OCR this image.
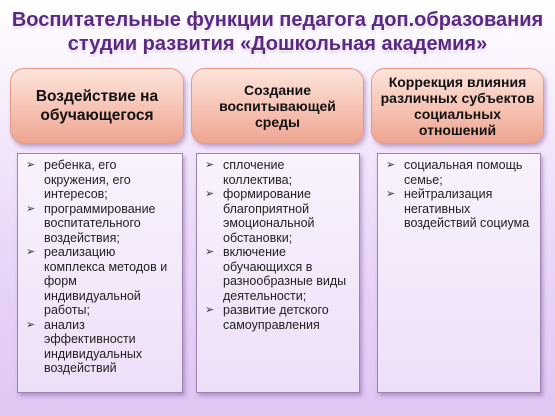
Воспитательные функции педагога доп.образования студии развития «Дошкольная академия»
Воздействие на обучающегося
Создание воспитывающей среды
Коррекция влияния различных субъектов социальных отношений
➢ ребенка, его окружения, его интересов;
➢ программирование воспитательного воздействия;
➢ реализацию комплекса методов и форм индивидуальной работы;
➢ анализ эффективности индивидуальных воздействий
➢ сплочение коллектива;
➢ формирование благоприятной эмоциональной обстановки;
➢ включение обучающихся в разнообразные виды деятельности;
➢ развитие детского самоуправления
➢ социальная помощь семье;
➢ нейтрализация негативных воздействий социума
